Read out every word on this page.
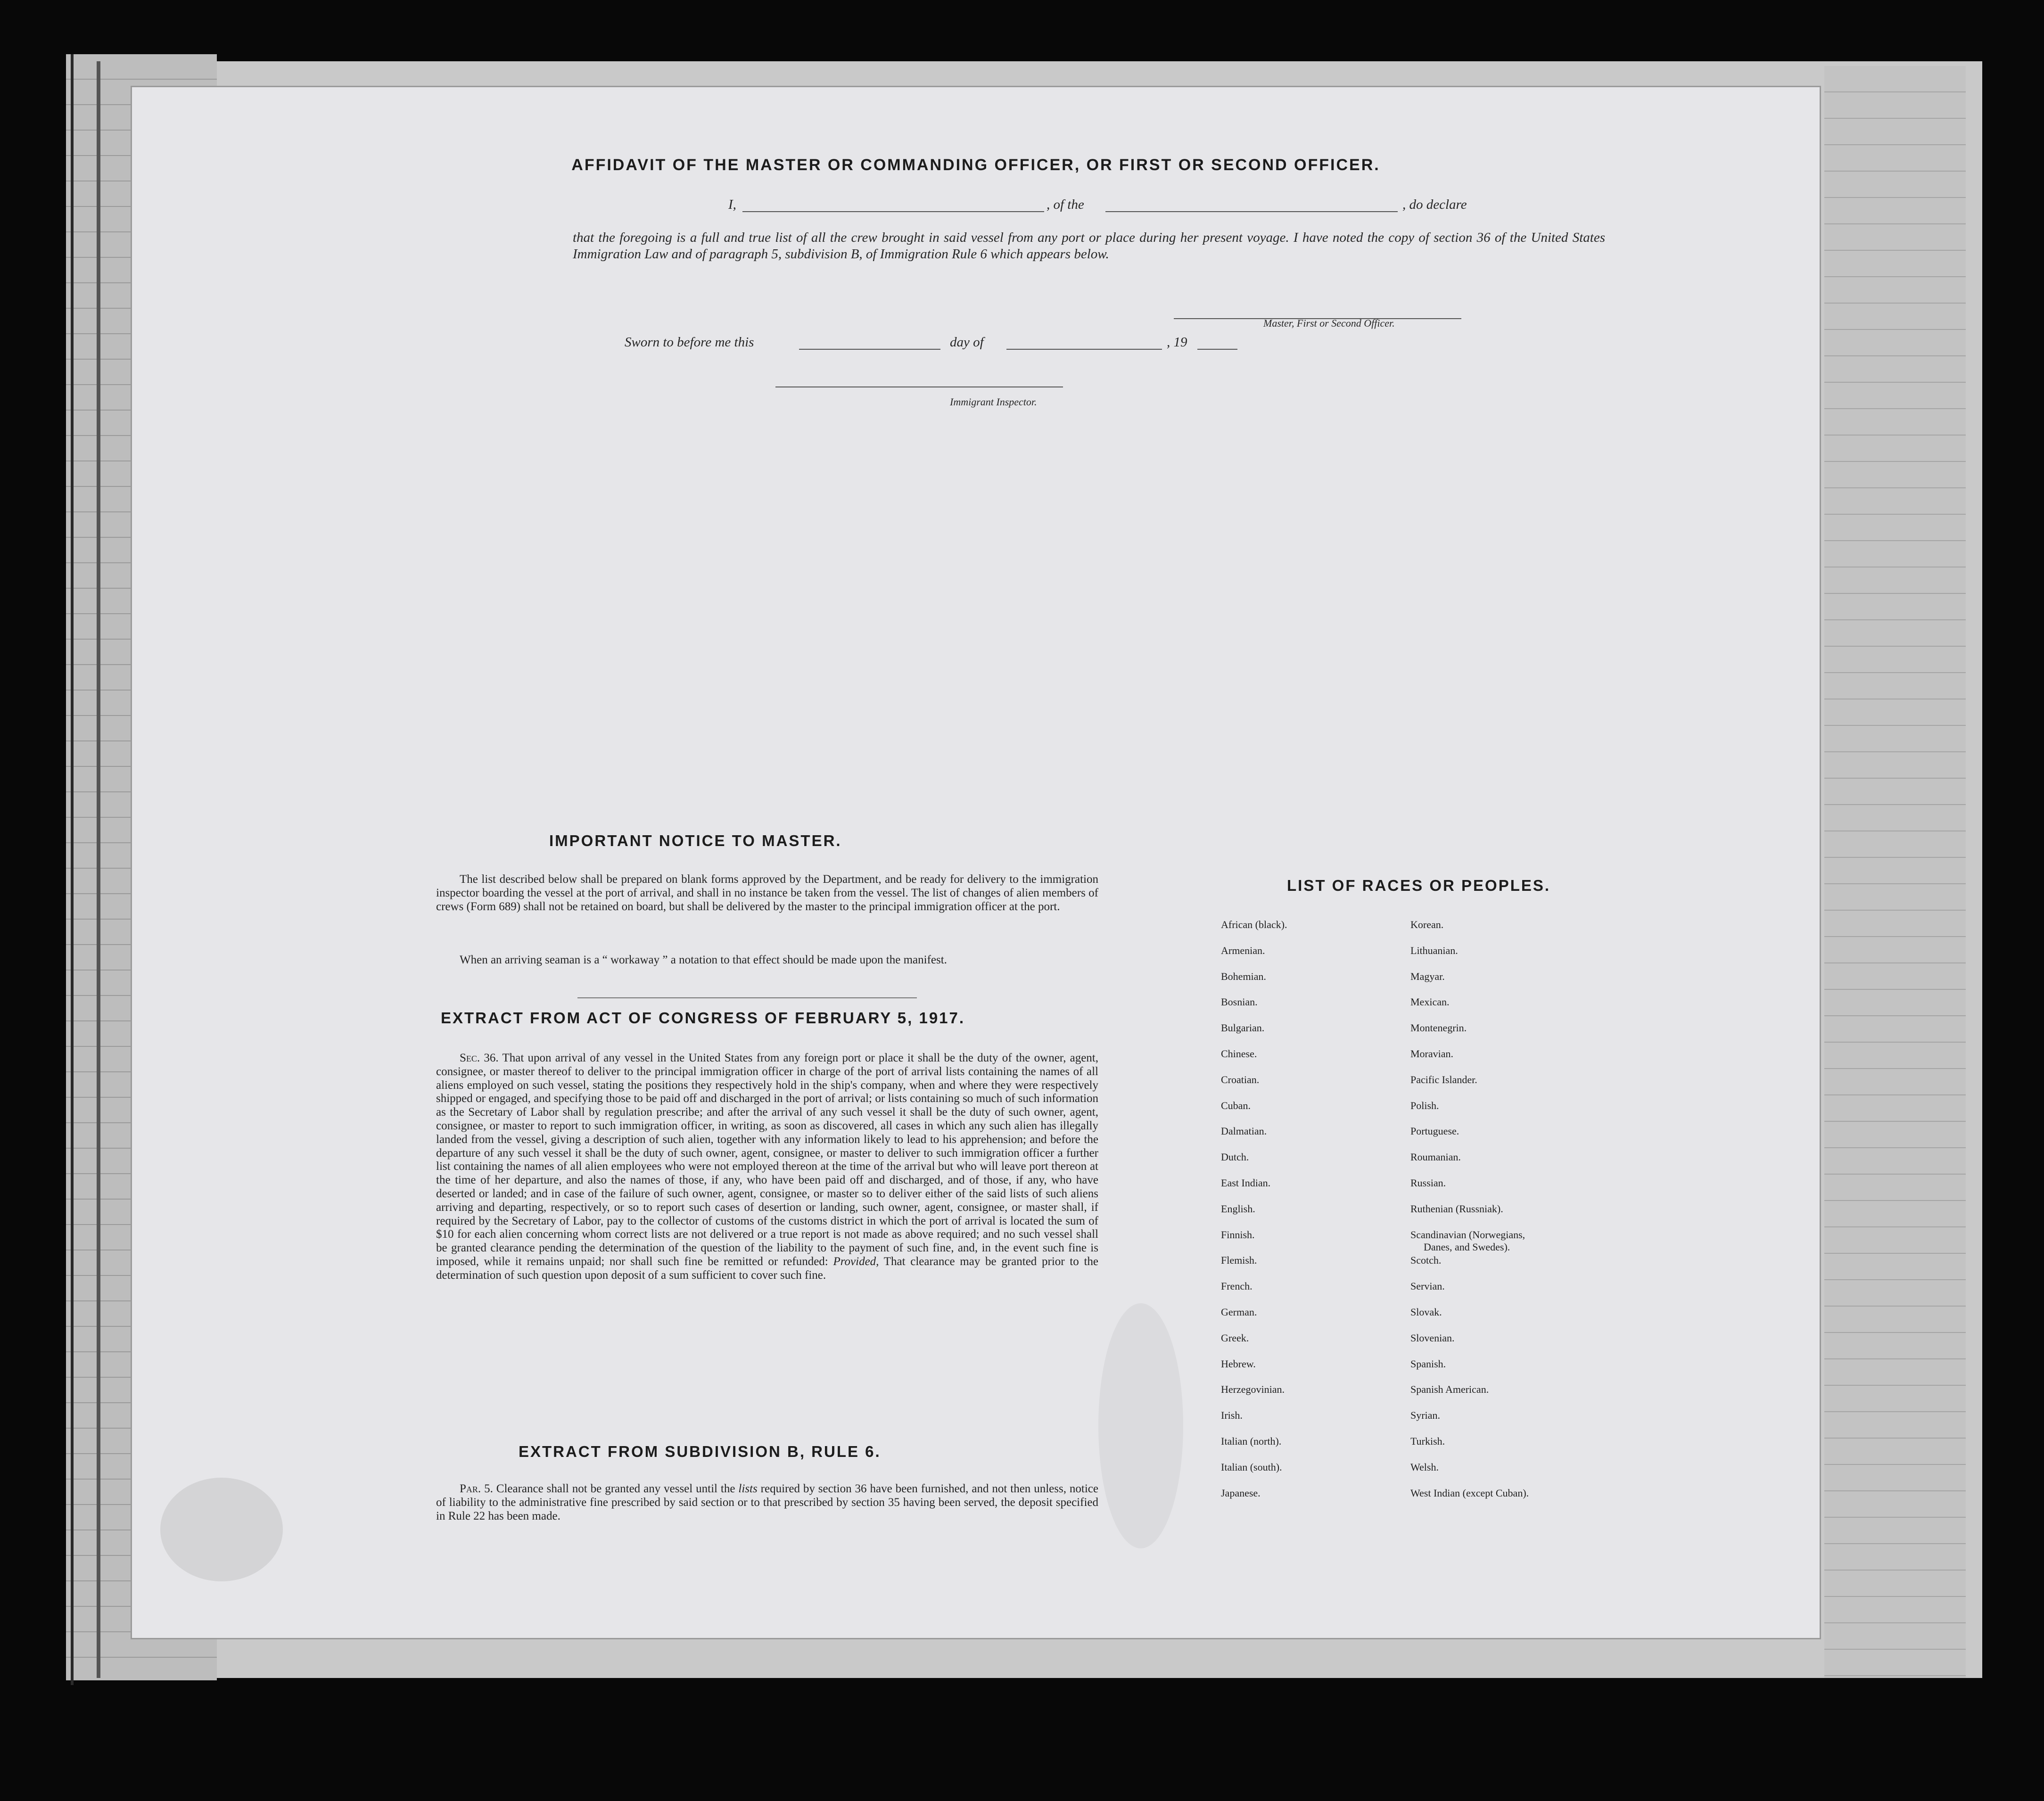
AFFIDAVIT OF THE MASTER OR COMMANDING OFFICER, OR FIRST OR SECOND OFFICER.
I,	, of the	, do declare

that the foregoing is a full and true list of all the crew brought in said vessel from any port or place during her present voyage. I have noted the copy of section 36 of the United States Immigration Law and of paragraph 5, subdivision B, of Immigration Rule 6 which appears below.

Master, First or Second Officer.
Sworn to before me this	day of	, 19
Immigrant Inspector.
IMPORTANT NOTICE TO MASTER.

The list described below shall be prepared on blank forms approved by the Department, and be ready for delivery to the immigration inspector boarding the vessel at the port of arrival, and shall in no instance be taken from the vessel. The list of changes of alien members of crews (Form 689) shall not be retained on board, but shall be delivered by the master to the principal immigration officer at the port.

When an arriving seaman is a “ workaway ” a notation to that effect should be made upon the manifest.

EXTRACT FROM ACT OF CONGRESS OF FEBRUARY 5, 1917.

Sec. 36. That upon arrival of any vessel in the United States from any foreign port or place it shall be the duty of the owner, agent, consignee, or master thereof to deliver to the principal immigration officer in charge of the port of arrival lists containing the names of all aliens employed on such vessel, stating the positions they respectively hold in the ship's company, when and where they were respectively shipped or engaged, and specifying those to be paid off and discharged in the port of arrival; or lists containing so much of such information as the Secretary of Labor shall by regulation prescribe; and after the arrival of any such vessel it shall be the duty of such owner, agent, consignee, or master to report to such immigration officer, in writing, as soon as discovered, all cases in which any such alien has illegally landed from the vessel, giving a description of such alien, together with any information likely to lead to his apprehension; and before the departure of any such vessel it shall be the duty of such owner, agent, consignee, or master to deliver to such immigration officer a further list containing the names of all alien employees who were not employed thereon at the time of the arrival but who will leave port thereon at the time of her departure, and also the names of those, if any, who have been paid off and discharged, and of those, if any, who have deserted or landed; and in case of the failure of such owner, agent, consignee, or master so to deliver either of the said lists of such aliens arriving and departing, respectively, or so to report such cases of desertion or landing, such owner, agent, consignee, or master shall, if required by the Secretary of Labor, pay to the collector of customs of the customs district in which the port of arrival is located the sum of $10 for each alien concerning whom correct lists are not delivered or a true report is not made as above required; and no such vessel shall be granted clearance pending the determination of the question of the liability to the payment of such fine, and, in the event such fine is imposed, while it remains unpaid; nor shall such fine be remitted or refunded: Provided, That clearance may be granted prior to the determination of such question upon deposit of a sum sufficient to cover such fine.

EXTRACT FROM SUBDIVISION B, RULE 6.

Par. 5. Clearance shall not be granted any vessel until the lists required by section 36 have been furnished, and not then unless, notice of liability to the administrative fine prescribed by said section or to that prescribed by section 35 having been served, the deposit specified in Rule 22 has been made.

LIST OF RACES OR PEOPLES.
African (black).
Armenian.
Bohemian.
Bosnian.
Bulgarian.
Chinese.
Croatian.
Cuban.
Dalmatian.
Dutch.
East Indian.
English.
Finnish.
Flemish.
French.
German.
Greek.
Hebrew.
Herzegovinian.
Irish.
Italian (north).
Italian (south).
Japanese.
Korean.
Lithuanian.
Magyar.
Mexican.
Montenegrin.
Moravian.
Pacific Islander.
Polish.
Portuguese.
Roumanian.
Russian.
Ruthenian (Russniak).
Scandinavian (Norwegians,
Danes, and Swedes).
Scotch.
Servian.
Slovak.
Slovenian.
Spanish.
Spanish American.
Syrian.
Turkish.
Welsh.
West Indian (except Cuban).
